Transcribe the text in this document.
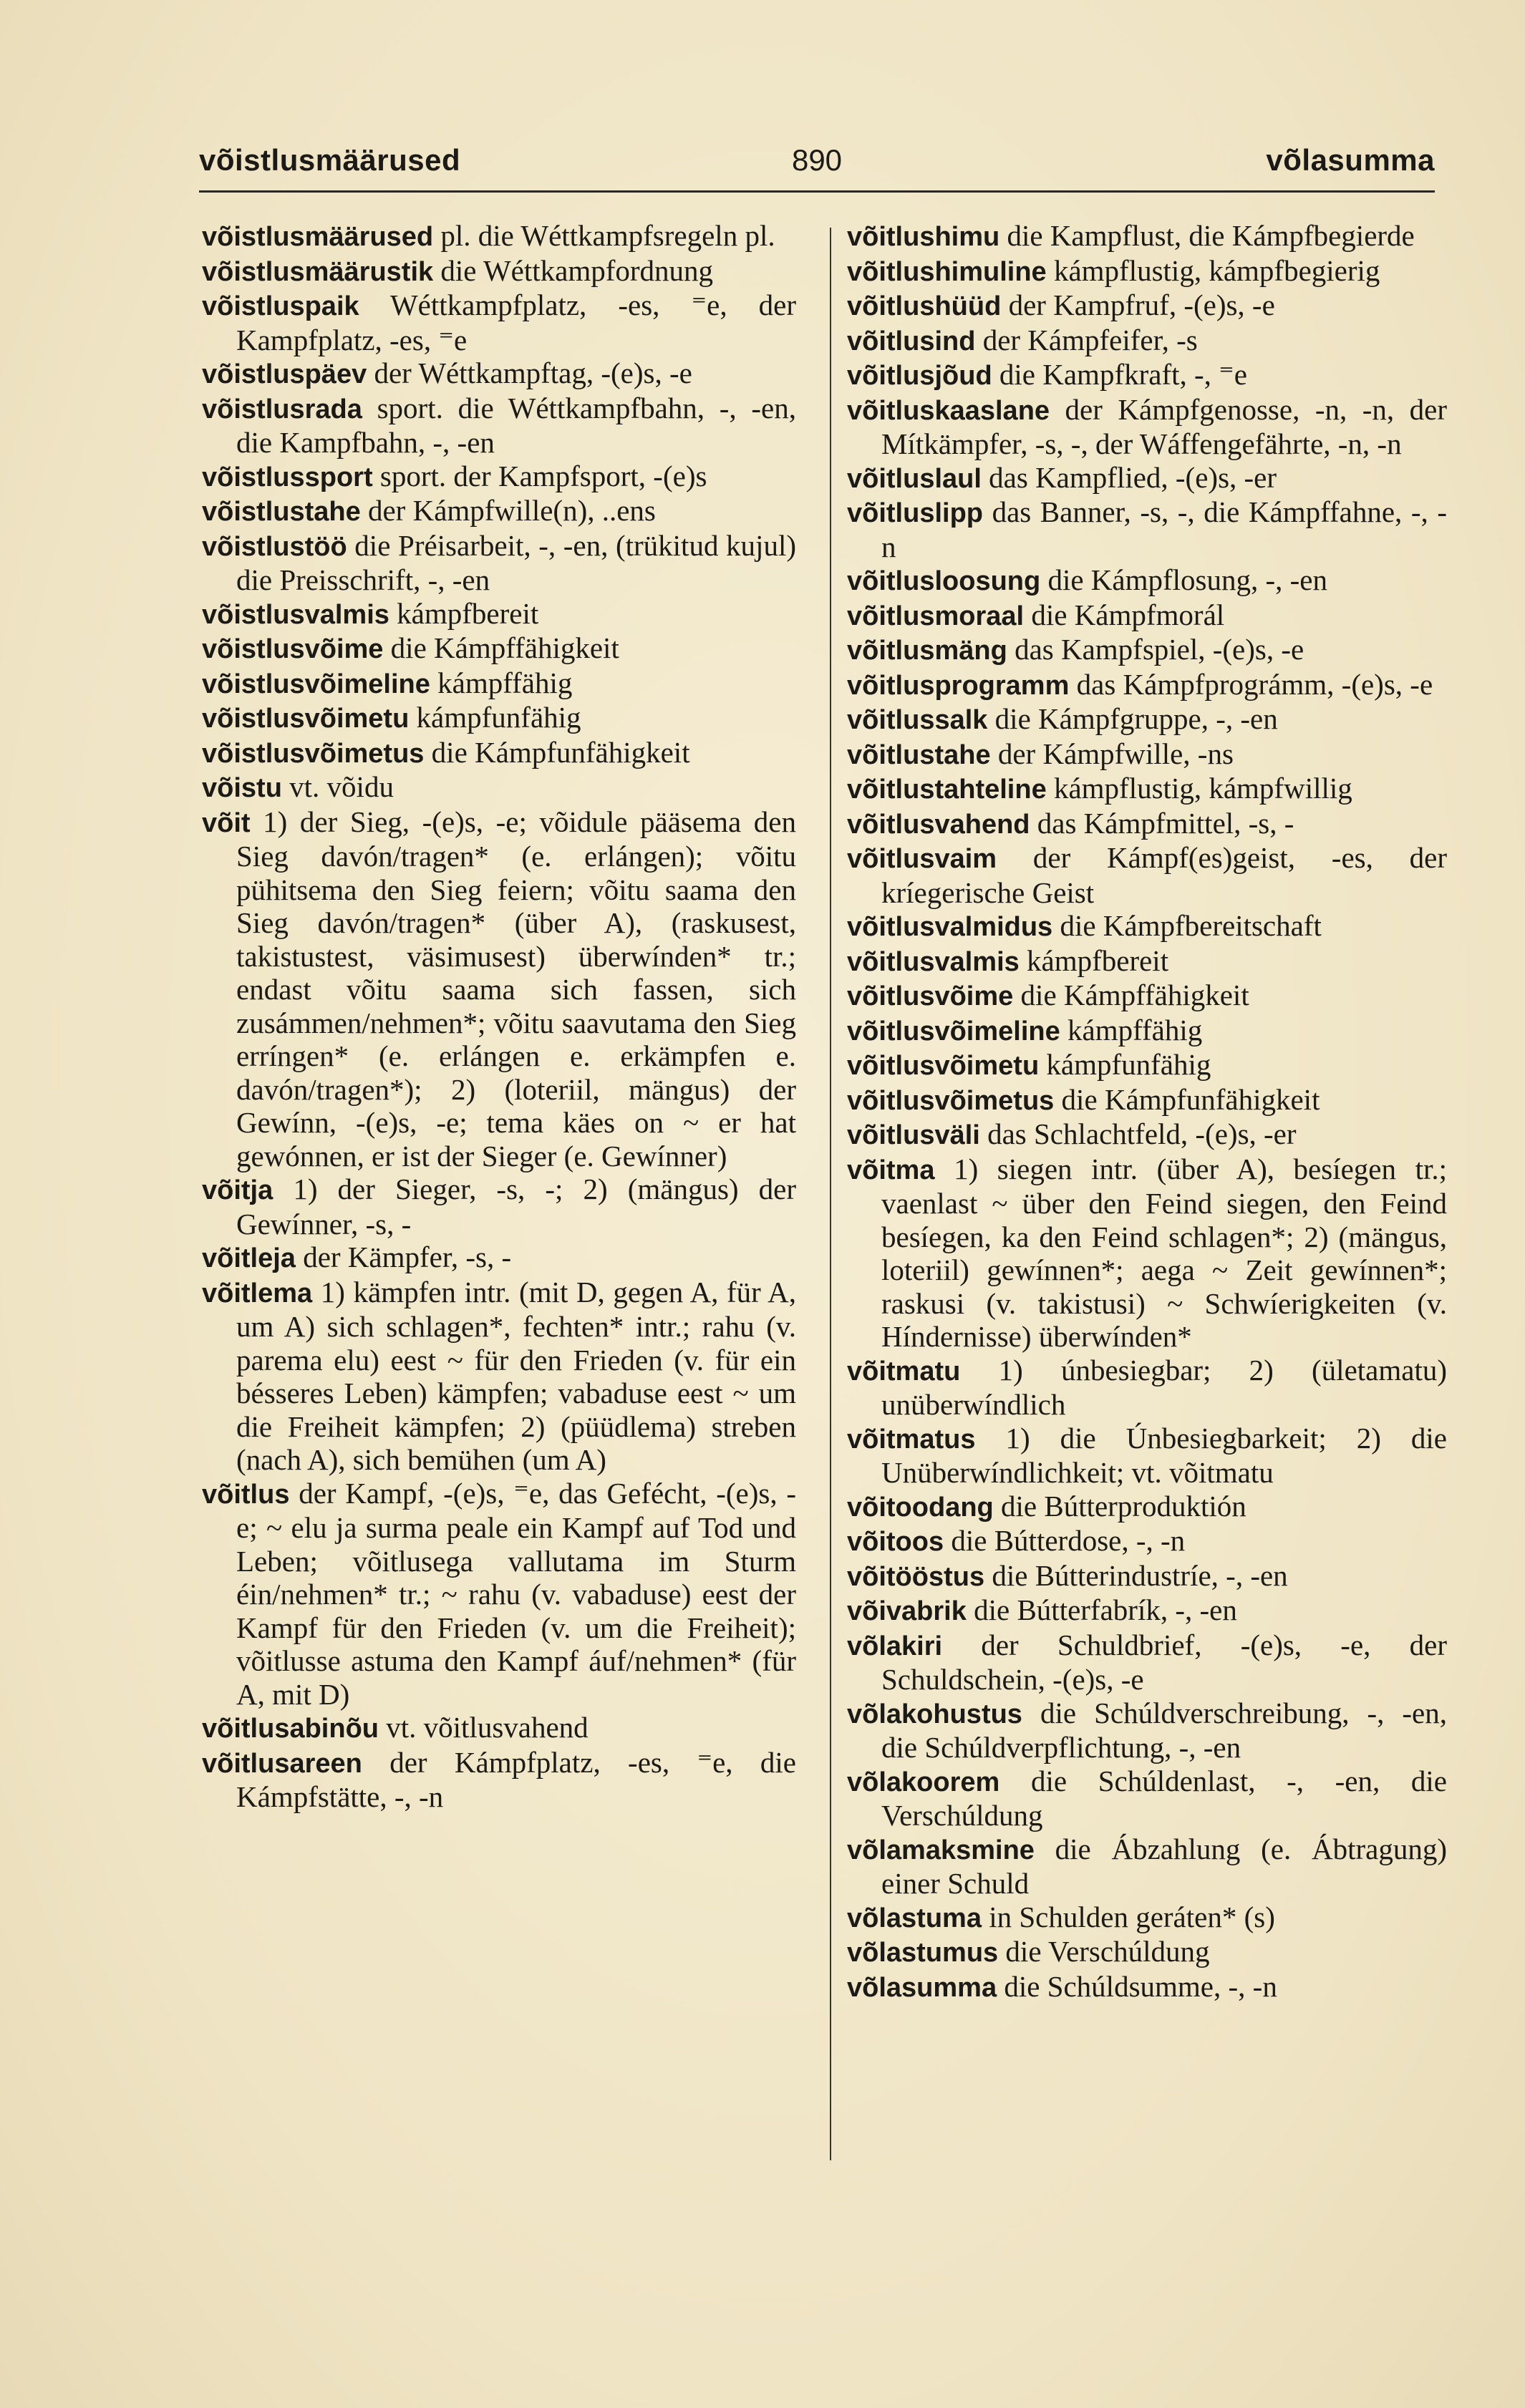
võistlusmäärused	890	võlasumma
võistlusmäärused pl. die Wéttkampfsregeln pl.
võistlusmäärustik die Wéttkampfordnung
võistluspaik Wéttkampfplatz, -es, ⁼e, der Kampfplatz, -es, ⁼e
võistluspäev der Wéttkampftag, -(e)s, -e
võistlusrada sport. die Wéttkampfbahn, -, -en, die Kampfbahn, -, -en
võistlussport sport. der Kampfsport, -(e)s
võistlustahe der Kámpfwille(n), ..ens
võistlustöö die Préisarbeit, -, -en, (trükitud kujul) die Preisschrift, -, -en
võistlusvalmis kámpfbereit
võistlusvõime die Kámpffähigkeit
võistlusvõimeline kámpffähig
võistlusvõimetu kámpfunfähig
võistlusvõimetus die Kámpfunfähigkeit
võistu vt. võidu
võit 1) der Sieg, -(e)s, -e; võidule pääsema den Sieg davón/tragen* (e. erlángen); võitu pühitsema den Sieg feiern; võitu saama den Sieg davón/tragen* (über A), (raskusest, takistustest, väsimusest) überwínden* tr.; endast võitu saama sich fassen, sich zusámmen/nehmen*; võitu saavutama den Sieg erríngen* (e. erlángen e. erkämpfen e. davón/tragen*); 2) (loteriil, mängus) der Gewínn, -(e)s, -e; tema käes on ~ er hat gewónnen, er ist der Sieger (e. Gewínner)
võitja 1) der Sieger, -s, -; 2) (mängus) der Gewínner, -s, -
võitleja der Kämpfer, -s, -
võitlema 1) kämpfen intr. (mit D, gegen A, für A, um A) sich schlagen*, fechten* intr.; rahu (v. parema elu) eest ~ für den Frieden (v. für ein bésseres Leben) kämpfen; vabaduse eest ~ um die Freiheit kämpfen; 2) (püüdlema) streben (nach A), sich bemühen (um A)
võitlus der Kampf, -(e)s, ⁼e, das Gefécht, -(e)s, -e; ~ elu ja surma peale ein Kampf auf Tod und Leben; võitlusega vallutama im Sturm éin/nehmen* tr.; ~ rahu (v. vabaduse) eest der Kampf für den Frieden (v. um die Freiheit); võitlusse astuma den Kampf áuf/nehmen* (für A, mit D)
võitlusabinõu vt. võitlusvahend
võitlusareen der Kámpfplatz, -es, ⁼e, die Kámpfstätte, -, -n
võitlushimu die Kampflust, die Kámpfbegierde
võitlushimuline kámpflustig, kámpfbegierig
võitlushüüd der Kampfruf, -(e)s, -e
võitlusind der Kámpfeifer, -s
võitlusjõud die Kampfkraft, -, ⁼e
võitluskaaslane der Kámpfgenosse, -n, -n, der Mítkämpfer, -s, -, der Wáffengefährte, -n, -n
võitluslaul das Kampflied, -(e)s, -er
võitluslipp das Banner, -s, -, die Kámpffahne, -, -n
võitlusloosung die Kámpflosung, -, -en
võitlusmoraal die Kámpfmorál
võitlusmäng das Kampfspiel, -(e)s, -e
võitlusprogramm das Kámpfprográmm, -(e)s, -e
võitlussalk die Kámpfgruppe, -, -en
võitlustahe der Kámpfwille, -ns
võitlustahteline kámpflustig, kámpfwillig
võitlusvahend das Kámpfmittel, -s, -
võitlusvaim der Kámpf(es)geist, -es, der kríegerische Geist
võitlusvalmidus die Kámpfbereitschaft
võitlusvalmis kámpfbereit
võitlusvõime die Kámpffähigkeit
võitlusvõimeline kámpffähig
võitlusvõimetu kámpfunfähig
võitlusvõimetus die Kámpfunfähigkeit
võitlusväli das Schlachtfeld, -(e)s, -er
võitma 1) siegen intr. (über A), besíegen tr.; vaenlast ~ über den Feind siegen, den Feind besíegen, ka den Feind schlagen*; 2) (mängus, loteriil) gewínnen*; aega ~ Zeit gewínnen*; raskusi (v. takistusi) ~ Schwíerigkeiten (v. Híndernisse) überwínden*
võitmatu 1) únbesiegbar; 2) (ületamatu) unüberwíndlich
võitmatus 1) die Únbesiegbarkeit; 2) die Unüberwíndlichkeit; vt. võitmatu
võitoodang die Bútterproduktión
võitoos die Bútterdose, -, -n
võitööstus die Bútterindustríe, -, -en
võivabrik die Bútterfabrík, -, -en
võlakiri der Schuldbrief, -(e)s, -e, der Schuldschein, -(e)s, -e
võlakohustus die Schúldverschreibung, -, -en, die Schúldverpflichtung, -, -en
võlakoorem die Schúldenlast, -, -en, die Verschúldung
võlamaksmine die Ábzahlung (e. Ábtragung) einer Schuld
võlastuma in Schulden geráten* (s)
võlastumus die Verschúldung
võlasumma die Schúldsumme, -, -n
